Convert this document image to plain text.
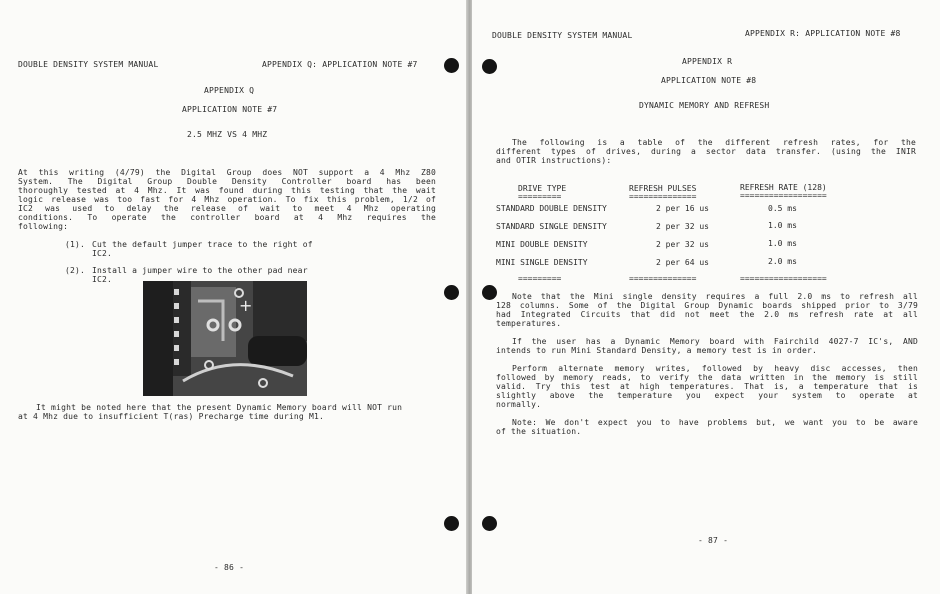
DOUBLE DENSITY SYSTEM MANUAL	APPENDIX Q: APPLICATION NOTE #7
APPENDIX Q
APPLICATION NOTE #7
2.5 MHZ VS 4 MHZ
At this writing (4/79) the Digital Group does NOT support a 4 Mhz Z80
System. The Digital Group Double Density Controller board has been
thoroughly tested at 4 Mhz. It was found during this testing that the wait
logic release was too fast for 4 Mhz operation. To fix this problem, 1/2 of
IC2 was used to delay the release of wait to meet 4 Mhz operating
conditions. To operate the controller board at 4 Mhz requires the
following:
(1). Cut the default jumper trace to the right of
IC2.
(2). Install a jumper wire to the other pad near
IC2.
+
It might be noted here that the present Dynamic Memory board will NOT run
at 4 Mhz due to insufficient T(ras) Precharge time during M1.
- 86 -
DOUBLE DENSITY SYSTEM MANUAL	APPENDIX R: APPLICATION NOTE #8
APPENDIX R
APPLICATION NOTE #8
DYNAMIC MEMORY AND REFRESH
The following is a table of the different refresh rates, for the
different types of drives, during a sector data transfer. (using the INIR
and OTIR instructions):
DRIVE TYPE	REFRESH PULSES	REFRESH RATE (128)
=========	==============	==================
STANDARD DOUBLE DENSITY	2 per 16 us	0.5 ms
STANDARD SINGLE DENSITY	2 per 32 us	1.0 ms
MINI DOUBLE DENSITY	2 per 32 us	1.0 ms
MINI SINGLE DENSITY	2 per 64 us	2.0 ms
=========	==============	==================
Note that the Mini single density requires a full 2.0 ms to refresh all
128 columns. Some of the Digital Group Dynamic boards shipped prior to 3/79
had Integrated Circuits that did not meet the 2.0 ms refresh rate at all
temperatures.
If the user has a Dynamic Memory board with Fairchild 4027-7 IC's, AND
intends to run Mini Standard Density, a memory test is in order.
Perform alternate memory writes, followed by heavy disc accesses, then
followed by memory reads, to verify the data written in the memory is still
valid. Try this test at high temperatures. That is, a temperature that is
slightly above the temperature you expect your system to operate at
normally.
Note: We don't expect you to have problems but, we want you to be aware
of the situation.
- 87 -
